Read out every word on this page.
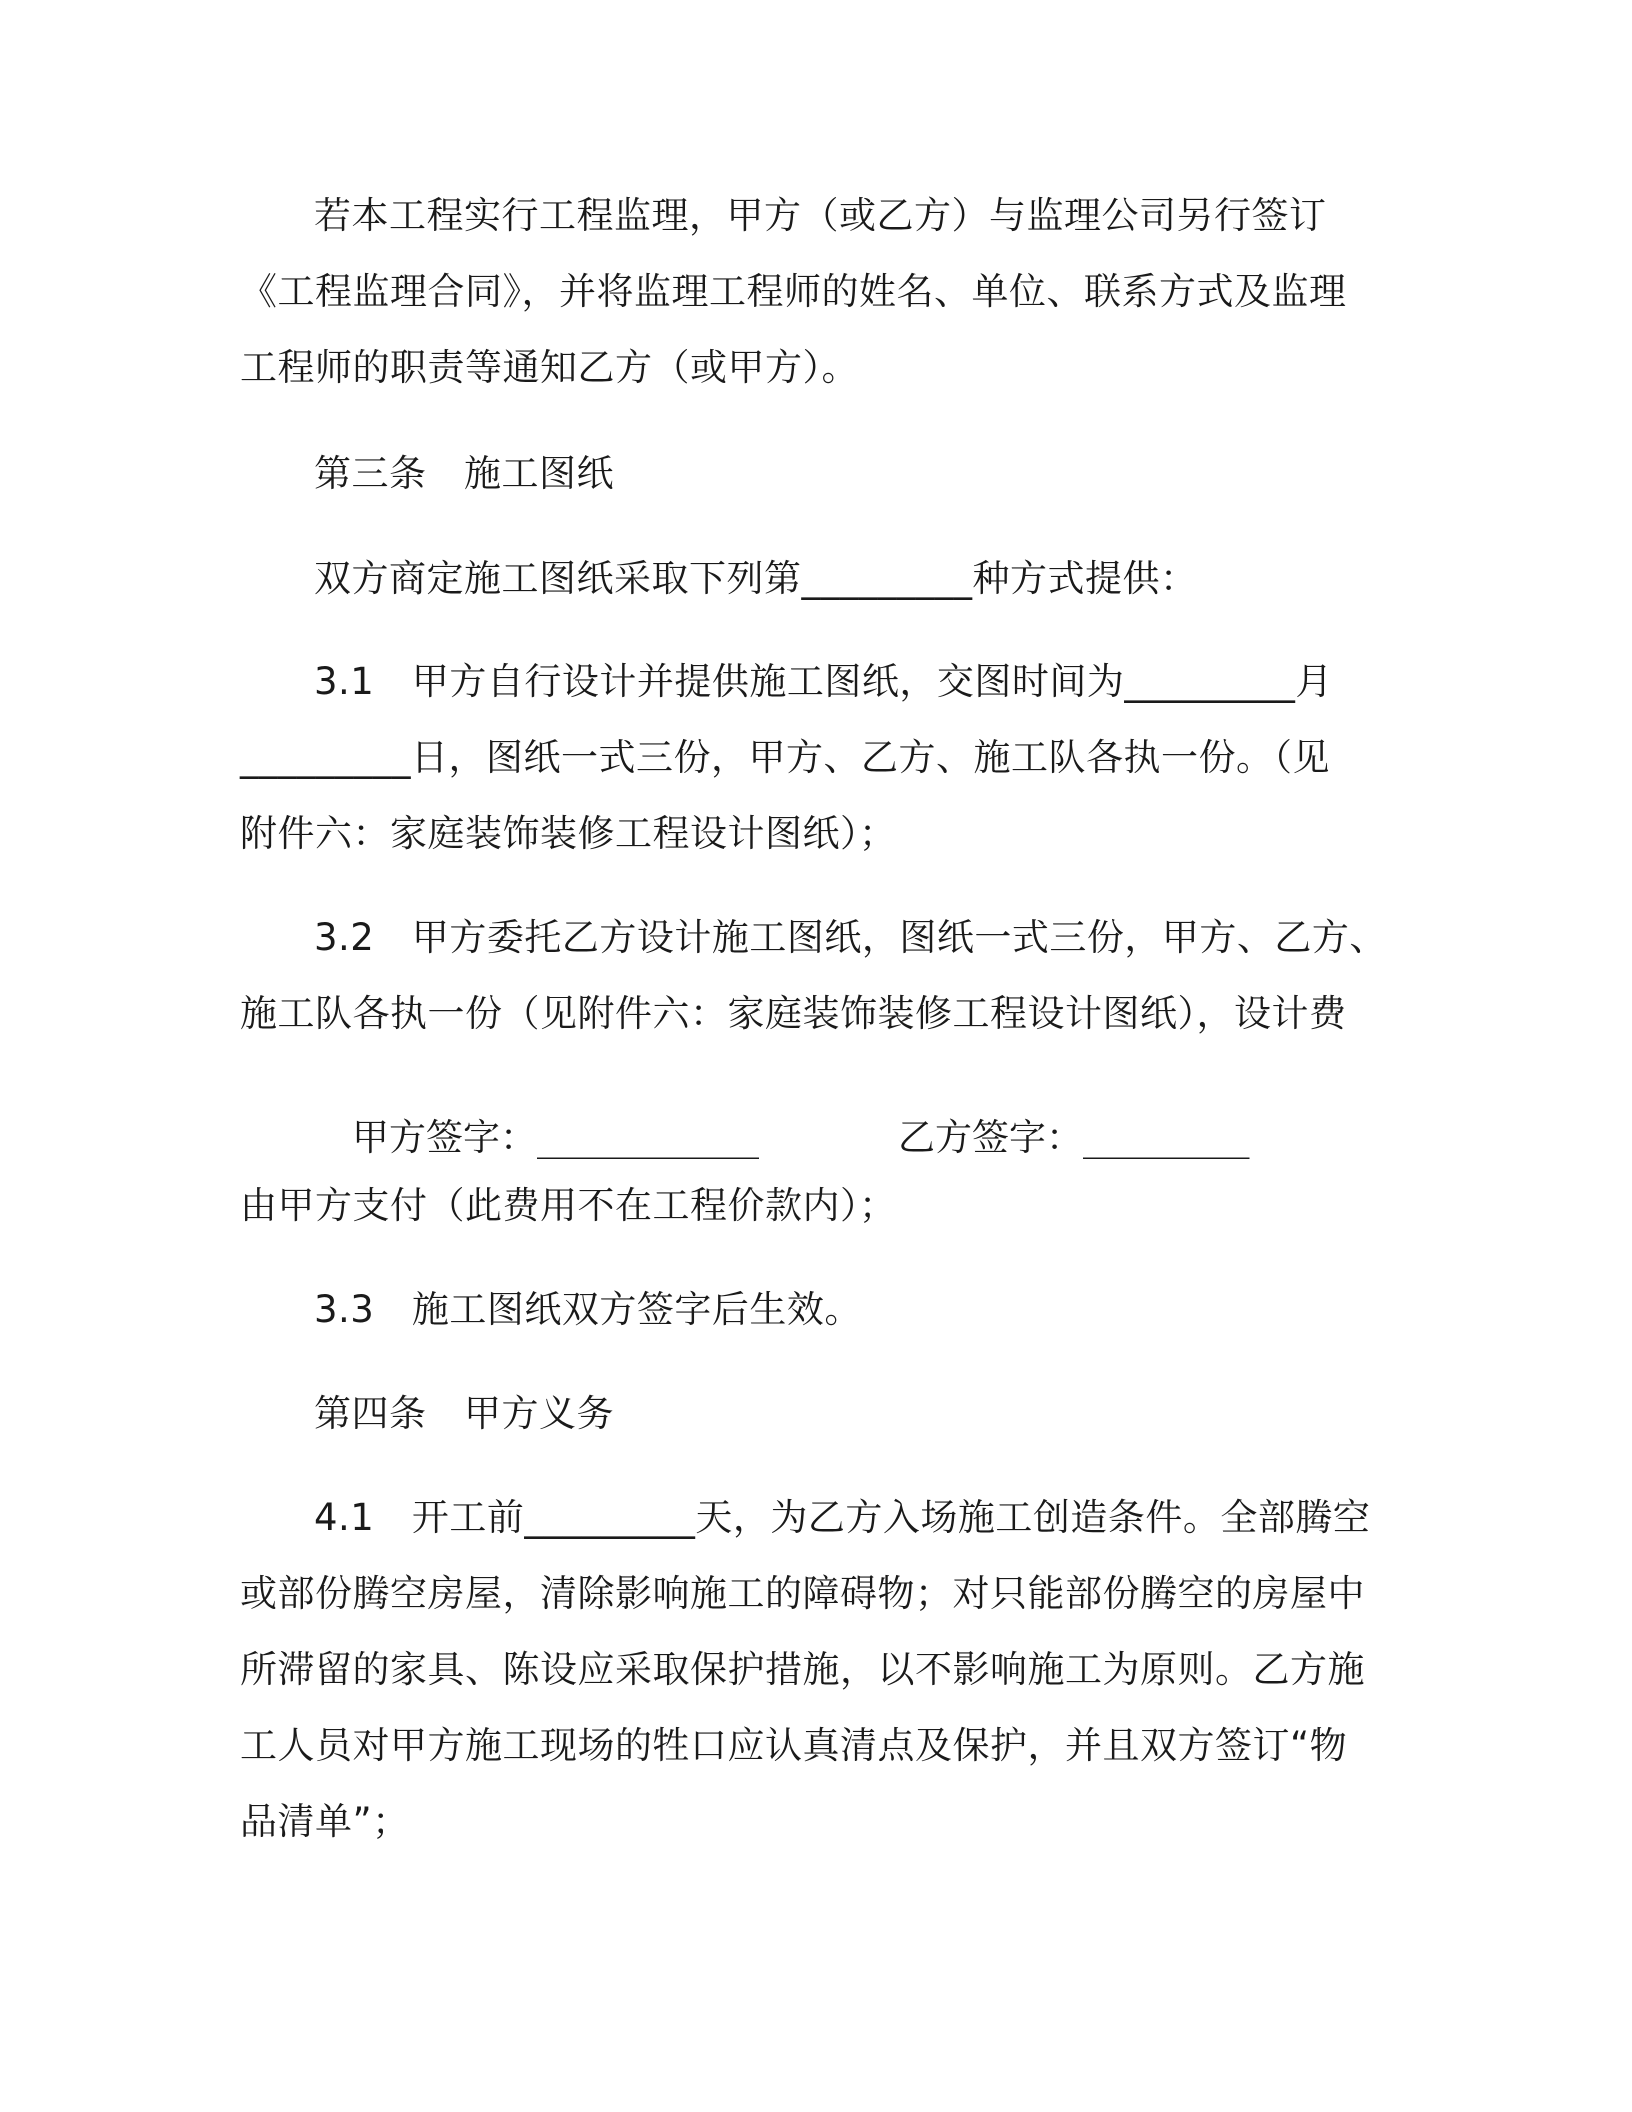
若本工程实行工程监理，甲方（或乙方）与监理公司另行签订
《工程监理合同》，并将监理工程师的姓名、单位、联系方式及监理
工程师的职责等通知乙方（或甲方）。
第三条　施工图纸
双方商定施工图纸采取下列第_________种方式提供：
3.1　甲方自行设计并提供施工图纸，交图时间为_________月
_________日，图纸一式三份，甲方、乙方、施工队各执一份。（见
附件六：家庭装饰装修工程设计图纸）；
3.2　甲方委托乙方设计施工图纸，图纸一式三份，甲方、乙方、
施工队各执一份（见附件六：家庭装饰装修工程设计图纸），设计费
甲方签字：____________	乙方签字：_________
由甲方支付（此费用不在工程价款内）；
3.3　施工图纸双方签字后生效。
第四条　甲方义务
4.1　开工前_________天，为乙方入场施工创造条件。全部腾空
或部份腾空房屋，清除影响施工的障碍物；对只能部份腾空的房屋中
所滞留的家具、陈设应采取保护措施，以不影响施工为原则。乙方施
工人员对甲方施工现场的牲口应认真清点及保护，并且双方签订“物
品清单”；
